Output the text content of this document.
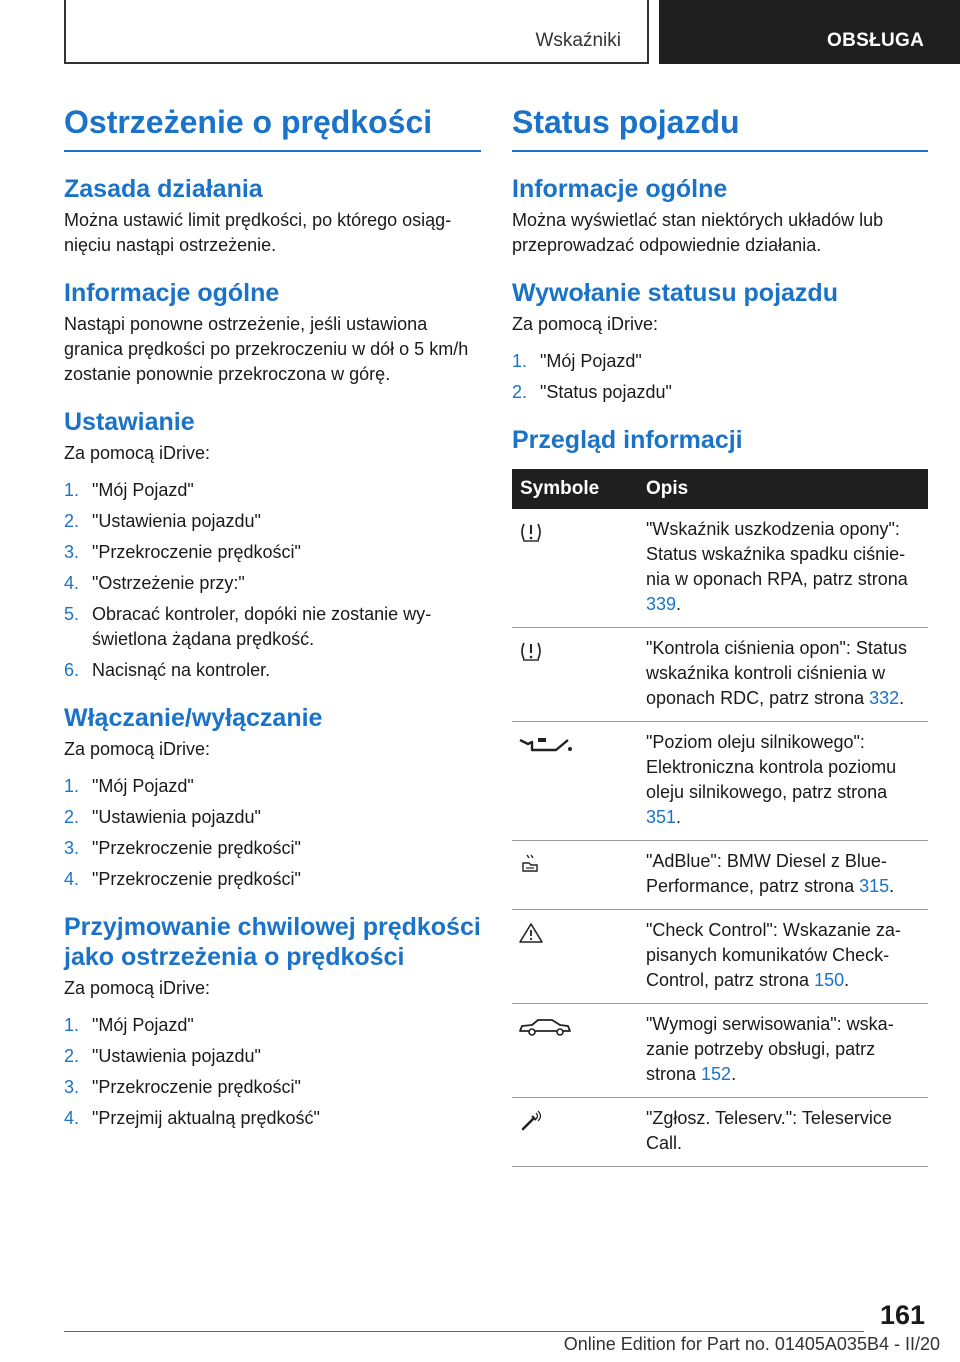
Wskaźniki	OBSŁUGA
Ostrzeżenie o prędkości
Zasada działania

Można ustawić limit prędkości, po którego osiągnięciu nastąpi ostrzeżenie.

Informacje ogólne

Nastąpi ponowne ostrzeżenie, jeśli ustawiona granica prędkości po przekroczeniu w dół o 5 km/h zostanie ponownie przekroczona w górę.

Ustawianie

Za pomocą iDrive:

1. "Mój Pojazd"
2. "Ustawienia pojazdu"
3. "Przekroczenie prędkości"
4. "Ostrzeżenie przy:"
5. Obracać kontroler, dopóki nie zostanie wyświetlona żądana prędkość.
6. Nacisnąć na kontroler.
Włączanie/wyłączanie

Za pomocą iDrive:

1. "Mój Pojazd"
2. "Ustawienia pojazdu"
3. "Przekroczenie prędkości"
4. "Przekroczenie prędkości"
Przyjmowanie chwilowej prędkości jako ostrzeżenia o prędkości

Za pomocą iDrive:

1. "Mój Pojazd"
2. "Ustawienia pojazdu"
3. "Przekroczenie prędkości"
4. "Przejmij aktualną prędkość"
Status pojazdu
Informacje ogólne

Można wyświetlać stan niektórych układów lub przeprowadzać odpowiednie działania.

Wywołanie statusu pojazdu

Za pomocą iDrive:

1. "Mój Pojazd"
2. "Status pojazdu"
Przegląd informacji
Symbole	Opis

	"Wskaźnik uszkodzenia opony": Status wskaźnika spadku ciśnienia w oponach RPA, patrz strona 339.

	"Kontrola ciśnienia opon": Status wskaźnika kontroli ciśnienia w oponach RDC, patrz strona 332.

	"Poziom oleju silnikowego": Elektroniczna kontrola poziomu oleju silnikowego, patrz strona 351.

	"AdBlue": BMW Diesel z BluePerformance, patrz strona 315.

	"Check Control": Wskazanie zapisanych komunikatów Check-Control, patrz strona 150.

	"Wymogi serwisowania": wskazanie potrzeby obsługi, patrz strona 152.

	"Zgłosz. Teleserv.": Teleservice Call.
161
Online Edition for Part no. 01405A035B4 - II/20
